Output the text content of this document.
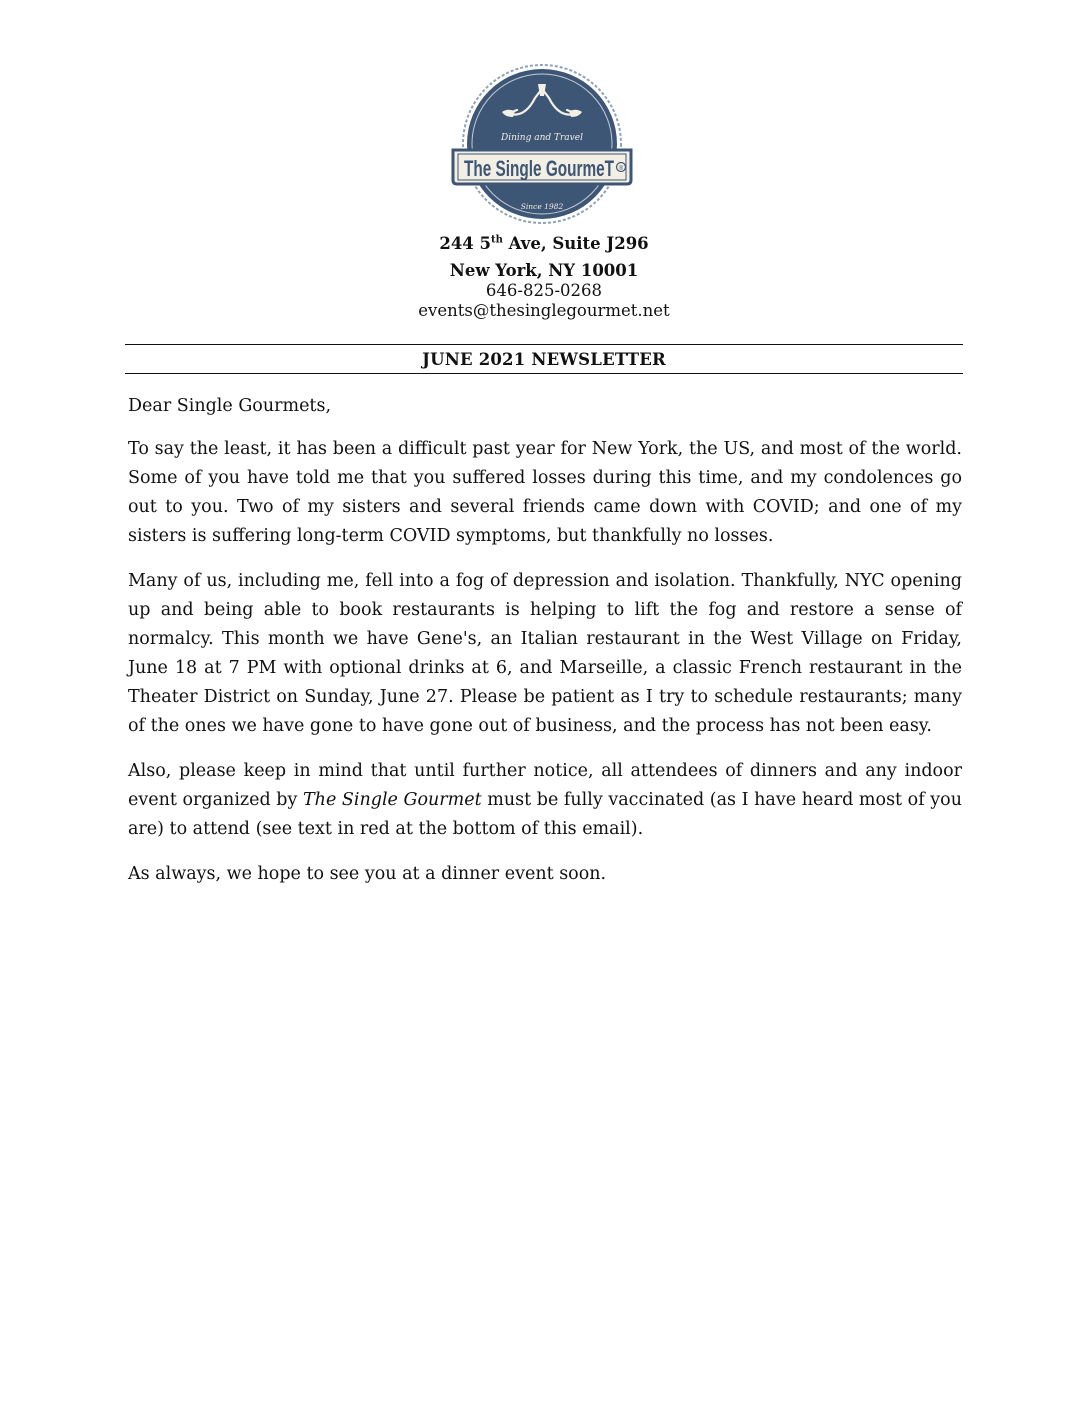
Dining and Travel
The Single GourmeT ®
Since 1982
244 5th Ave, Suite J296
New York, NY 10001
646-825-0268
events@thesinglegourmet.net
JUNE 2021 NEWSLETTER

Dear Single Gourmets,

To say the least, it has been a difficult past year for New York, the US, and most of the world. Some of you have told me that you suffered losses during this time, and my condolences go out to you. Two of my sisters and several friends came down with COVID; and one of my sisters is suffering long-term COVID symptoms, but thankfully no losses.

Many of us, including me, fell into a fog of depression and isolation. Thankfully, NYC opening up and being able to book restaurants is helping to lift the fog and restore a sense of normalcy. This month we have Gene's, an Italian restaurant in the West Village on Friday, June 18 at 7 PM with optional drinks at 6, and Marseille, a classic French restaurant in the Theater District on Sunday, June 27. Please be patient as I try to schedule restaurants; many of the ones we have gone to have gone out of business, and the process has not been easy.

Also, please keep in mind that until further notice, all attendees of dinners and any indoor event organized by The Single Gourmet must be fully vaccinated (as I have heard most of you are) to attend (see text in red at the bottom of this email).

As always, we hope to see you at a dinner event soon.
